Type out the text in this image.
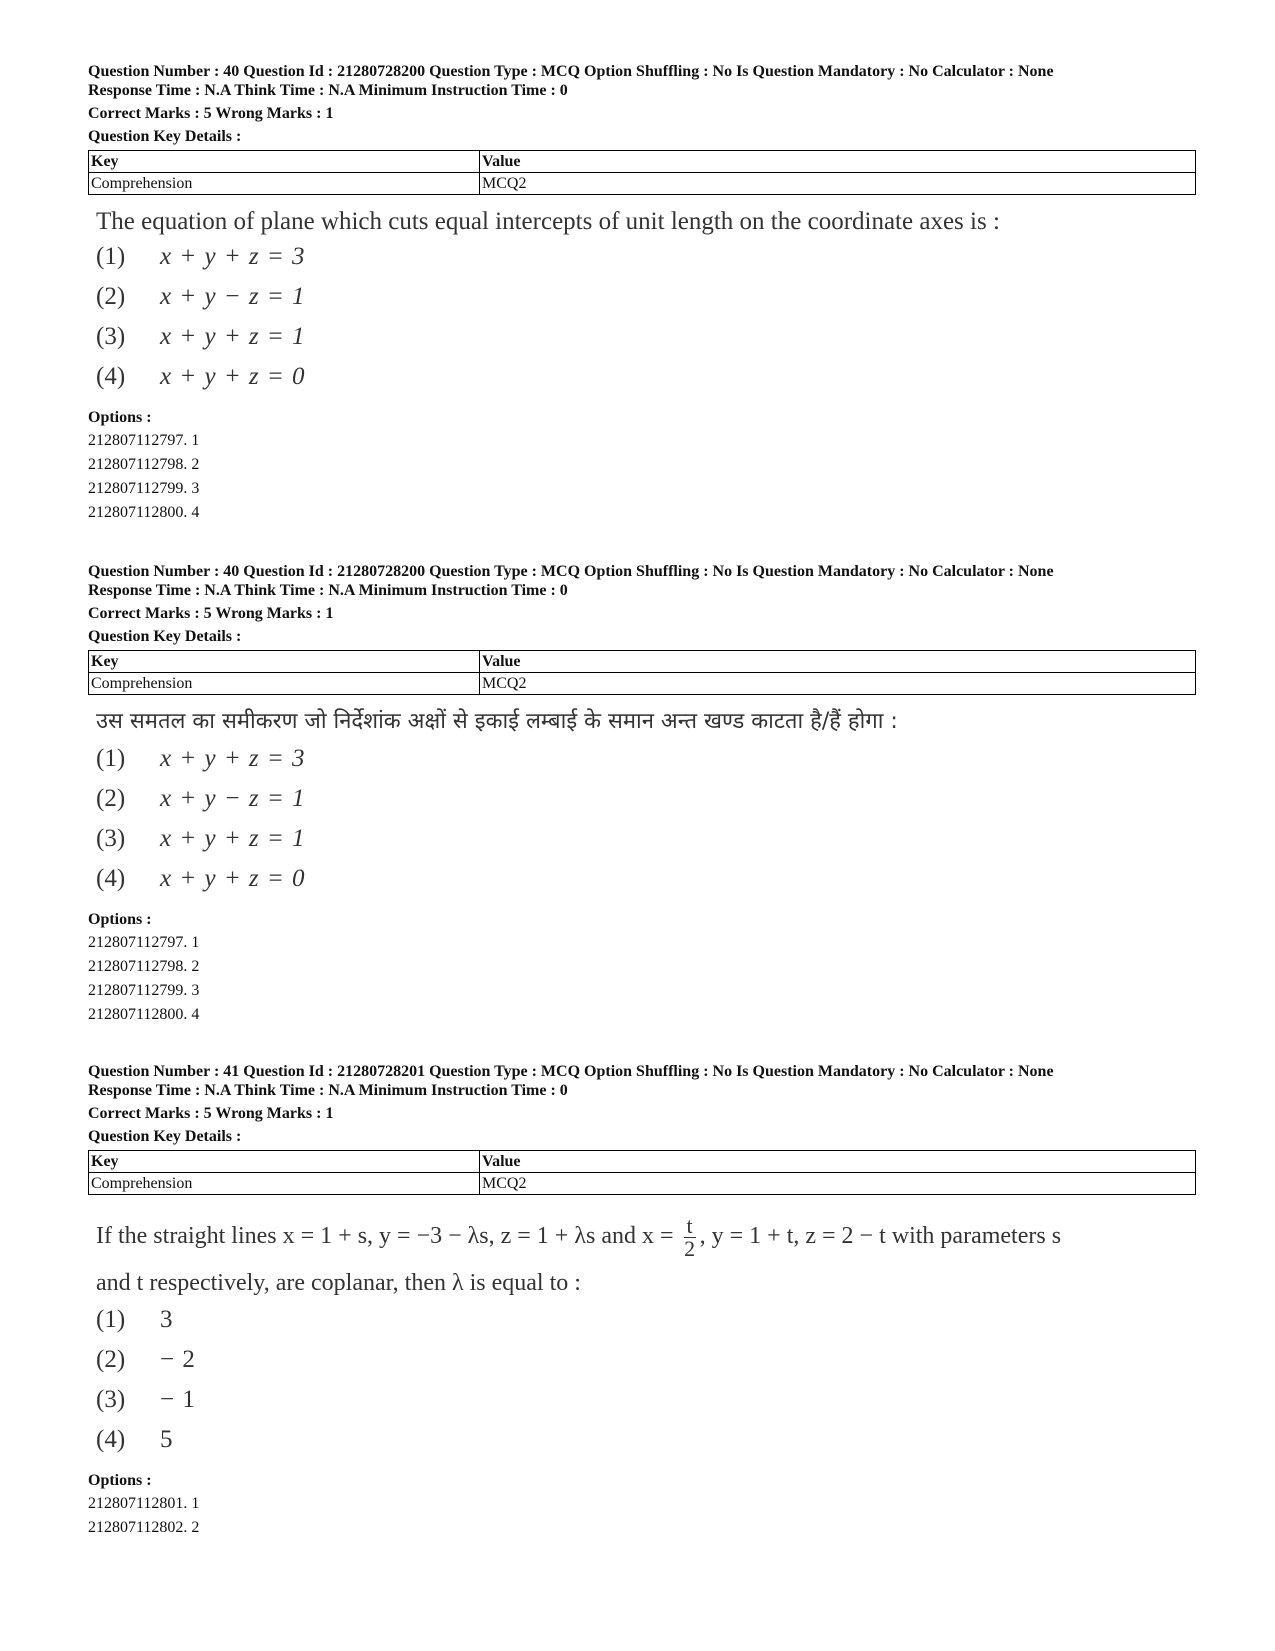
Question Number : 40 Question Id : 21280728200 Question Type : MCQ Option Shuffling : No Is Question Mandatory : No Calculator : None
Response Time : N.A Think Time : N.A Minimum Instruction Time : 0
Correct Marks : 5 Wrong Marks : 1
Question Key Details :
Key	Value
Comprehension	MCQ2
The equation of plane which cuts equal intercepts of unit length on the coordinate axes is :
(1)	x + y + z = 3
(2)	x + y − z = 1
(3)	x + y + z = 1
(4)	x + y + z = 0
Options :
212807112797. 1
212807112798. 2
212807112799. 3
212807112800. 4
Question Number : 40 Question Id : 21280728200 Question Type : MCQ Option Shuffling : No Is Question Mandatory : No Calculator : None
Response Time : N.A Think Time : N.A Minimum Instruction Time : 0
Correct Marks : 5 Wrong Marks : 1
Question Key Details :
Key	Value
Comprehension	MCQ2
उस समतल का समीकरण जो निर्देशांक अक्षों से इकाई लम्बाई के समान अन्त खण्ड काटता है/हैं होगा :
(1)	x + y + z = 3
(2)	x + y − z = 1
(3)	x + y + z = 1
(4)	x + y + z = 0
Options :
212807112797. 1
212807112798. 2
212807112799. 3
212807112800. 4
Question Number : 41 Question Id : 21280728201 Question Type : MCQ Option Shuffling : No Is Question Mandatory : No Calculator : None
Response Time : N.A Think Time : N.A Minimum Instruction Time : 0
Correct Marks : 5 Wrong Marks : 1
Question Key Details :
Key	Value
Comprehension	MCQ2
If the straight lines x = 1 + s, y = −3 − λs, z = 1 + λs and $x = \frac{t}{2}$ , y = 1 + t, z = 2 − t with parameters s
and t respectively, are coplanar, then λ is equal to :
(1)	3
(2)	− 2
(3)	− 1
(4)	5
Options :
212807112801. 1
212807112802. 2
